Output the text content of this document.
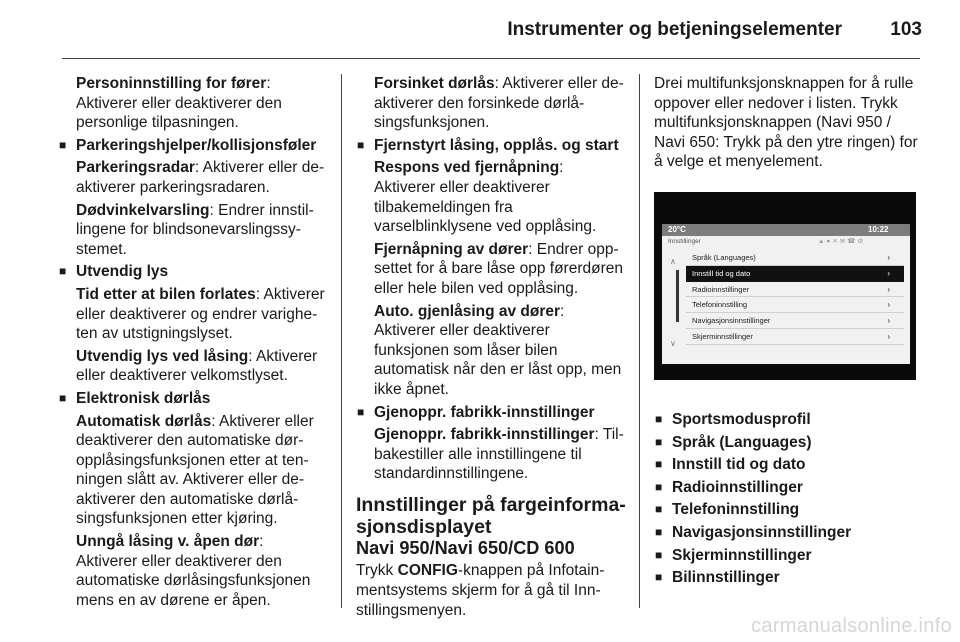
Instrumenter og betjeningselementer	103

Personinnstilling for fører: Aktiverer eller deaktiverer den personlige tilpasningen.

■ Parkeringshjelper/kollisjonsføler

Parkeringsradar: Aktiverer eller deaktiverer parkeringsradaren.

Dødvinkelvarsling: Endrer innstillingene for blindsonevarslingssystemet.

■ Utvendig lys

Tid etter at bilen forlates: Aktiverer eller deaktiverer og endrer varigheten av utstigningslyset.

Utvendig lys ved låsing: Aktiverer eller deaktiverer velkomstlyset.

■ Elektronisk dørlås

Automatisk dørlås: Aktiverer eller deaktiverer den automatiske døropplåsingsfunksjonen etter at tenningen slått av. Aktiverer eller deaktiverer den automatiske dørlåsingsfunksjonen etter kjøring.

Unngå låsing v. åpen dør: Aktiverer eller deaktiverer den automatiske dørlåsingsfunksjonen mens en av dørene er åpen.

Forsinket dørlås: Aktiverer eller deaktiverer den forsinkede dørlåsingsfunksjonen.

■ Fjernstyrt låsing, opplås. og start

Respons ved fjernåpning: Aktiverer eller deaktiverer tilbakemeldingen fra varselblinklysene ved opplåsing.

Fjernåpning av dører: Endrer oppsettet for å bare låse opp førerdøren eller hele bilen ved opplåsing.

Auto. gjenlåsing av dører: Aktiverer eller deaktiverer funksjonen som låser bilen automatisk når den er låst opp, men ikke åpnet.

■ Gjenoppr. fabrikk-innstillinger

Gjenoppr. fabrikk-innstillinger: Tilbakestiller alle innstillingene til standardinnstillingene.

Innstillinger på fargeinformasjonsdisplayet
Navi 950/Navi 650/CD 600

Trykk CONFIG-knappen på Infotainmentsystems skjerm for å gå til Innstillingsmenyen.

Drei multifunksjonsknappen for å rulle oppover eller nedover i listen. Trykk multifunksjonsknappen (Navi 950 / Navi 650: Trykk på den ytre ringen) for å velge et menyelement.

20°C	10:22
Innstillinger	▲●✕✉☎⚙
∧
∨
Språk (Languages)	›
Innstill tid og dato	›
Radioinnstillinger	›
Telefoninnstilling	›
Navigasjonsinnstillinger	›
Skjerminnstillinger	›

■ Sportsmodusprofil

■ Språk (Languages)

■ Innstill tid og dato

■ Radioinnstillinger

■ Telefoninnstilling

■ Navigasjonsinnstillinger

■ Skjerminnstillinger

■ Bilinnstillinger

carmanualsonline.info
